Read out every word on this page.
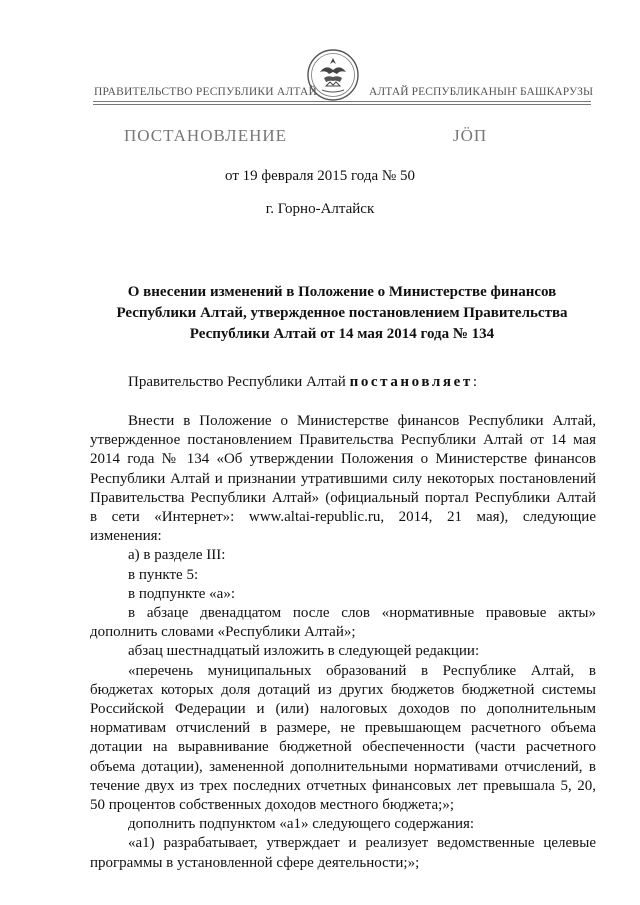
ПРАВИТЕЛЬСТВО РЕСПУБЛИКИ АЛТАЙ	АЛТАЙ РЕСПУБЛИКАНЫҤ БАШКАРУЗЫ
ПОСТАНОВЛЕНИЕ	ЈӦП
от 19 февраля 2015 года № 50
г. Горно-Алтайск
О внесении изменений в Положение о Министерстве финансов
Республики Алтай, утвержденное постановлением Правительства
Республики Алтай от 14 мая 2014 года № 134
Правительство Республики Алтай постановляет:
Внести в Положение о Министерстве финансов Республики Алтай,
утвержденное постановлением Правительства Республики Алтай от 14 мая
2014 года № 134 «Об утверждении Положения о Министерстве финансов
Республики Алтай и признании утратившими силу некоторых постановлений
Правительства Республики Алтай» (официальный портал Республики Алтай
в сети «Интернет»: www.altai-republic.ru, 2014, 21 мая), следующие
изменения:
а) в разделе III:
в пункте 5:
в подпункте «а»:
в абзаце двенадцатом после слов «нормативные правовые акты»
дополнить словами «Республики Алтай»;
абзац шестнадцатый изложить в следующей редакции:
«перечень муниципальных образований в Республике Алтай, в
бюджетах которых доля дотаций из других бюджетов бюджетной системы
Российской Федерации и (или) налоговых доходов по дополнительным
нормативам отчислений в размере, не превышающем расчетного объема
дотации на выравнивание бюджетной обеспеченности (части расчетного
объема дотации), замененной дополнительными нормативами отчислений, в
течение двух из трех последних отчетных финансовых лет превышала 5, 20,
50 процентов собственных доходов местного бюджета;»;
дополнить подпунктом «а1» следующего содержания:
«а1) разрабатывает, утверждает и реализует ведомственные целевые
программы в установленной сфере деятельности;»;
